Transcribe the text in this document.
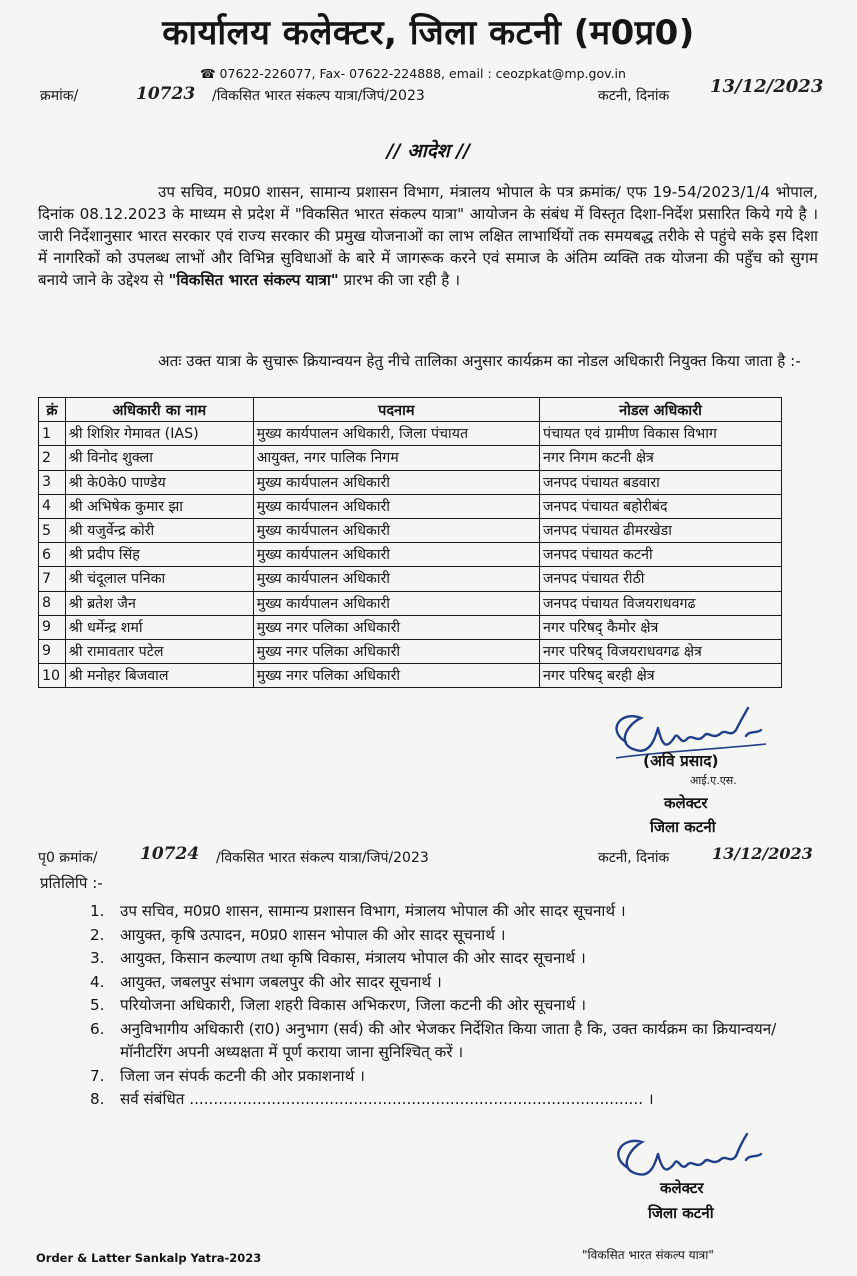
कार्यालय कलेक्टर, जिला कटनी (म0प्र0)
☎ 07622-226077, Fax- 07622-224888, email : ceozpkat@mp.gov.in
क्रमांक/	10723 /विकसित भारत संकल्प यात्रा/जिपं/2023	कटनी, दिनांक 13/12/2023
// आदेश //
उप सचिव, म0प्र0 शासन, सामान्य प्रशासन विभाग, मंत्रालय भोपाल के पत्र क्रमांक/ एफ 19-54/2023/1/4 भोपाल, दिनांक 08.12.2023 के माध्यम से प्रदेश में "विकसित भारत संकल्प यात्रा" आयोजन के संबंध में विस्तृत दिशा-निर्देश प्रसारित किये गये है । जारी निर्देशानुसार भारत सरकार एवं राज्य सरकार की प्रमुख योजनाओं का लाभ लक्षित लाभार्थियों तक समयबद्ध तरीके से पहुंचे सके इस दिशा में नागरिकों को उपलब्ध लाभों और विभिन्न सुविधाओं के बारे में जागरूक करने एवं समाज के अंतिम व्यक्ति तक योजना की पहुँच को सुगम बनाये जाने के उद्देश्य से "विकसित भारत संकल्प यात्रा" प्रारभ की जा रही है ।
अतः उक्त यात्रा के सुचारू क्रियान्वयन हेतु नीचे तालिका अनुसार कार्यक्रम का नोडल अधिकारी नियुक्त किया जाता है :-
क्रं	अधिकारी का नाम	पदनाम	नोडल अधिकारी
1	श्री शिशिर गेमावत (IAS)	मुख्य कार्यपालन अधिकारी, जिला पंचायत	पंचायत एवं ग्रामीण विकास विभाग
2	श्री विनोद शुक्ला	आयुक्त, नगर पालिक निगम	नगर निगम कटनी क्षेत्र
3	श्री के0के0 पाण्डेय	मुख्य कार्यपालन अधिकारी	जनपद पंचायत बडवारा
4	श्री अभिषेक कुमार झा	मुख्य कार्यपालन अधिकारी	जनपद पंचायत बहोरीबंद
5	श्री यजुर्वेन्द्र कोरी	मुख्य कार्यपालन अधिकारी	जनपद पंचायत ढीमरखेडा
6	श्री प्रदीप सिंह	मुख्य कार्यपालन अधिकारी	जनपद पंचायत कटनी
7	श्री चंदूलाल पनिका	मुख्य कार्यपालन अधिकारी	जनपद पंचायत रीठी
8	श्री ब्रतेश जैन	मुख्य कार्यपालन अधिकारी	जनपद पंचायत विजयराधवगढ
9	श्री धर्मेन्द्र शर्मा	मुख्य नगर पलिका अधिकारी	नगर परिषद् कैमोर क्षेत्र
9	श्री रामावतार पटेल	मुख्य नगर पलिका अधिकारी	नगर परिषद् विजयराधवगढ क्षेत्र
10	श्री मनोहर बिजवाल	मुख्य नगर पलिका अधिकारी	नगर परिषद् बरही क्षेत्र
(अवि प्रसाद)
आई.ए.एस.
कलेक्टर
जिला कटनी
पृ0 क्रमांक/ 10724 /विकसित भारत संकल्प यात्रा/जिपं/2023	कटनी, दिनांक	13/12/2023
प्रतिलिपि :-
1. उप सचिव, म0प्र0 शासन, सामान्य प्रशासन विभाग, मंत्रालय भोपाल की ओर सादर सूचनार्थ ।
2. आयुक्त, कृषि उत्पादन, म0प्र0 शासन भोपाल की ओर सादर सूचनार्थ ।
3. आयुक्त, किसान कल्याण तथा कृषि विकास, मंत्रालय भोपाल की ओर सादर सूचनार्थ ।
4. आयुक्त, जबलपुर संभाग जबलपुर की ओर सादर सूचनार्थ ।
5. परियोजना अधिकारी, जिला शहरी विकास अभिकरण, जिला कटनी की ओर सूचनार्थ ।
6. अनुविभागीय अधिकारी (रा0) अनुभाग (सर्व) की ओर भेजकर निर्देशित किया जाता है कि, उक्त कार्यक्रम का क्रियान्वयन/ मॉनीटरिंग अपनी अध्यक्षता में पूर्ण कराया जाना सुनिश्चित् करें ।
7. जिला जन संपर्क कटनी की ओर प्रकाशनार्थ ।
8. सर्व संबंधित .............................................................................................. ।
कलेक्टर
जिला कटनी
Order & Latter Sankalp Yatra-2023	"विकसित भारत संकल्प यात्रा"
